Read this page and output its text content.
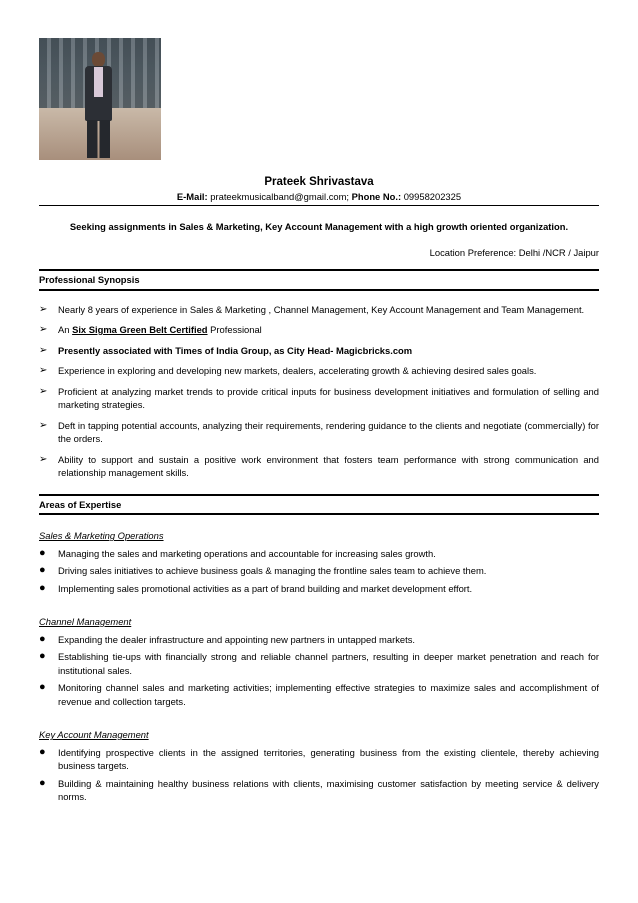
Prateek Shrivastava
E-Mail: prateekmusicalband@gmail.com; Phone No.: 09958202325
Seeking assignments in Sales & Marketing, Key Account Management with a high growth oriented organization.
Location Preference: Delhi /NCR / Jaipur
Professional Synopsis
➢ Nearly 8 years of experience in Sales & Marketing , Channel Management, Key Account Management and Team Management.
➢ An Six Sigma Green Belt Certified Professional
➢ Presently associated with Times of India Group, as City Head- Magicbricks.com
➢ Experience in exploring and developing new markets, dealers, accelerating growth & achieving desired sales goals.
➢ Proficient at analyzing market trends to provide critical inputs for business development initiatives and formulation of selling and marketing strategies.
➢ Deft in tapping potential accounts, analyzing their requirements, rendering guidance to the clients and negotiate (commercially) for the orders.
➢ Ability to support and sustain a positive work environment that fosters team performance with strong communication and relationship management skills.
Areas of Expertise
Sales & Marketing Operations
● Managing the sales and marketing operations and accountable for increasing sales growth.
● Driving sales initiatives to achieve business goals & managing the frontline sales team to achieve them.
● Implementing sales promotional activities as a part of brand building and market development effort.
Channel Management
● Expanding the dealer infrastructure and appointing new partners in untapped markets.
● Establishing tie-ups with financially strong and reliable channel partners, resulting in deeper market penetration and reach for institutional sales.
● Monitoring channel sales and marketing activities; implementing effective strategies to maximize sales and accomplishment of revenue and collection targets.
Key Account Management
● Identifying prospective clients in the assigned territories, generating business from the existing clientele, thereby achieving business targets.
● Building & maintaining healthy business relations with clients, maximising customer satisfaction by meeting service & delivery norms.
